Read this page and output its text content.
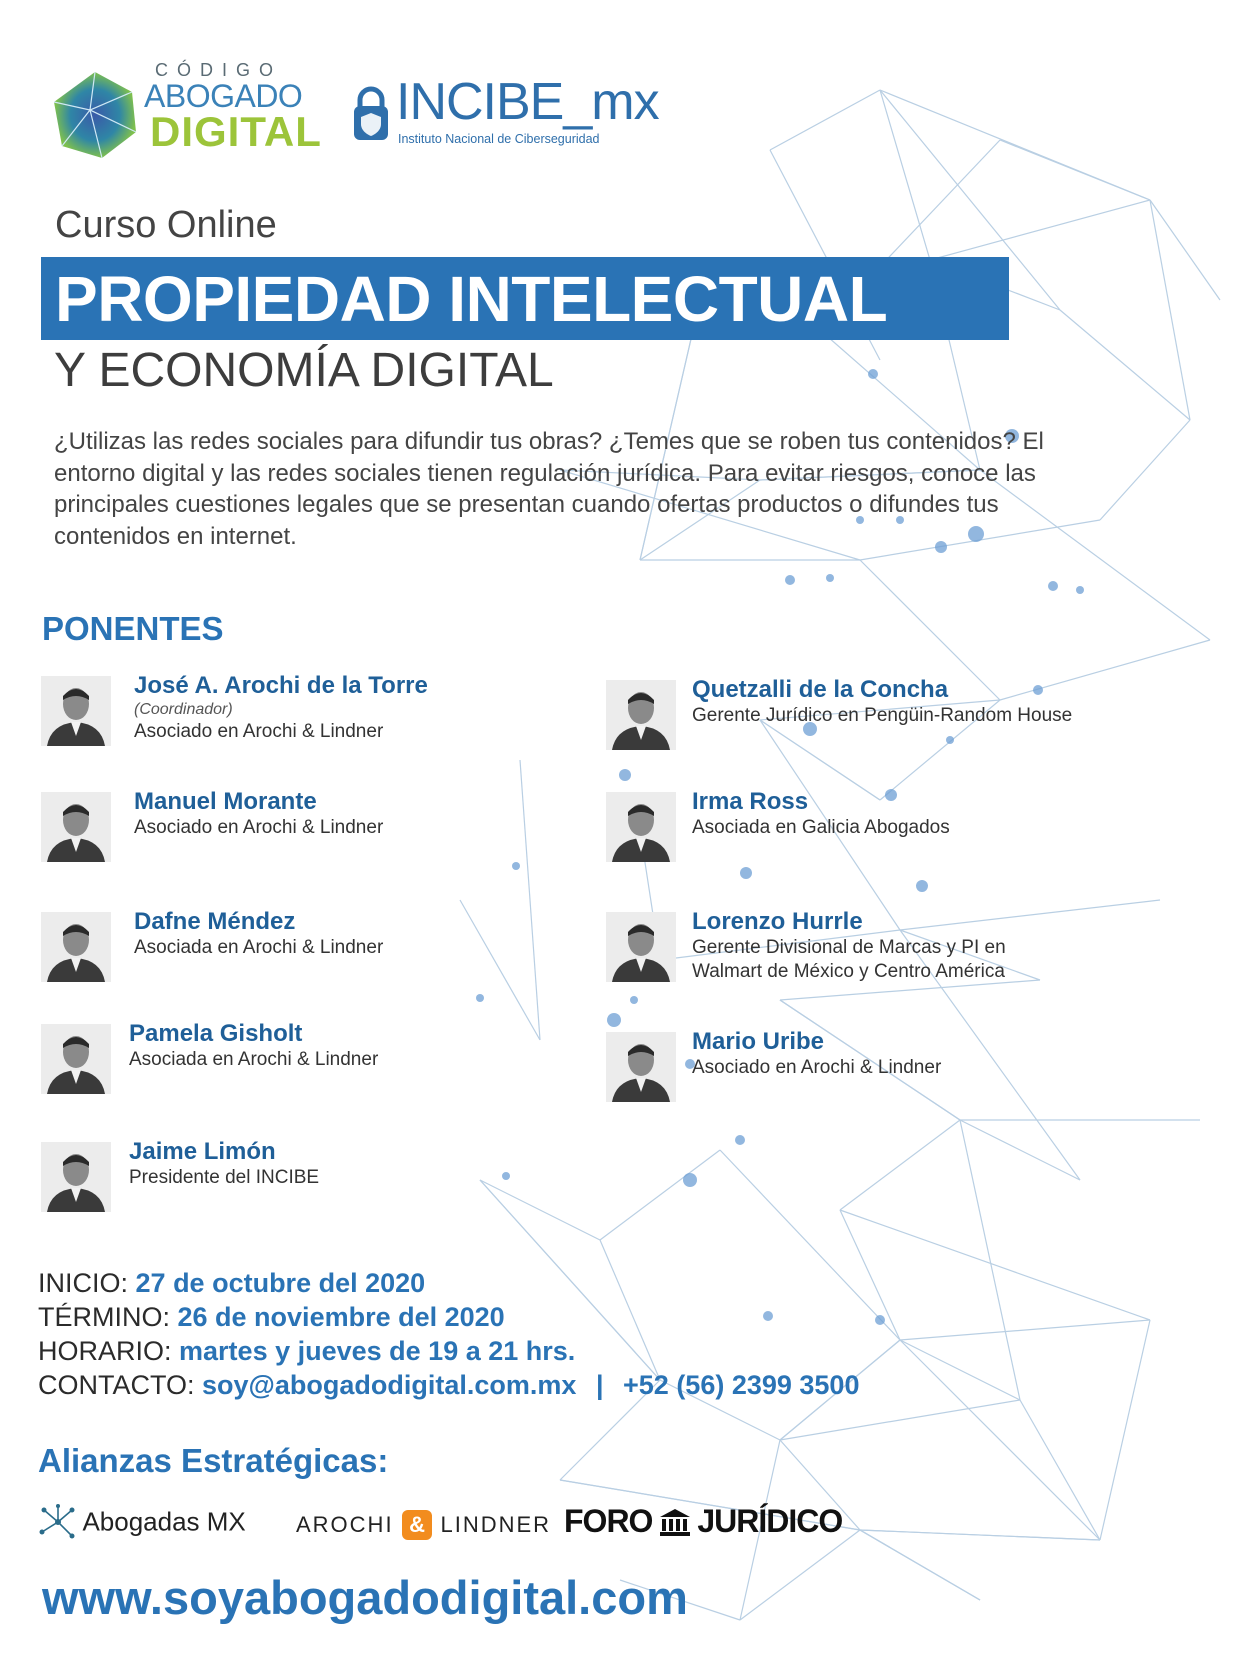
CÓDIGO
ABOGADO
DIGITAL
INCIBE_mx
Instituto Nacional de Ciberseguridad
Curso Online
PROPIEDAD INTELECTUAL
Y ECONOMÍA DIGITAL
¿Utilizas las redes sociales para difundir tus obras? ¿Temes que se roben tus contenidos? El entorno digital y las redes sociales tienen regulación jurídica. Para evitar riesgos, conoce las principales cuestiones legales que se presentan cuando ofertas productos o difundes tus contenidos en internet.
PONENTES
José A. Arochi de la Torre
(Coordinador)
Asociado en Arochi & Lindner
Manuel Morante
Asociado en Arochi & Lindner
Dafne Méndez
Asociada en Arochi & Lindner
Pamela Gisholt
Asociada en Arochi & Lindner
Jaime Limón
Presidente del INCIBE
Quetzalli de la Concha
Gerente Jurídico en Pengüin-Random House
Irma Ross
Asociada en Galicia Abogados
Lorenzo Hurrle
Gerente Divisional de Marcas y PI en
Walmart de México y Centro América
Mario Uribe
Asociado en Arochi & Lindner
INICIO: 27 de octubre del 2020
TÉRMINO: 26 de noviembre del 2020
HORARIO: martes y jueves de 19 a 21 hrs.
CONTACTO: soy@abogadodigital.com.mx | +52 (56) 2399 3500
Alianzas Estratégicas:
Abogadas MX AROCHI & LINDNER FORO JURÍDICO
www.soyabogadodigital.com
